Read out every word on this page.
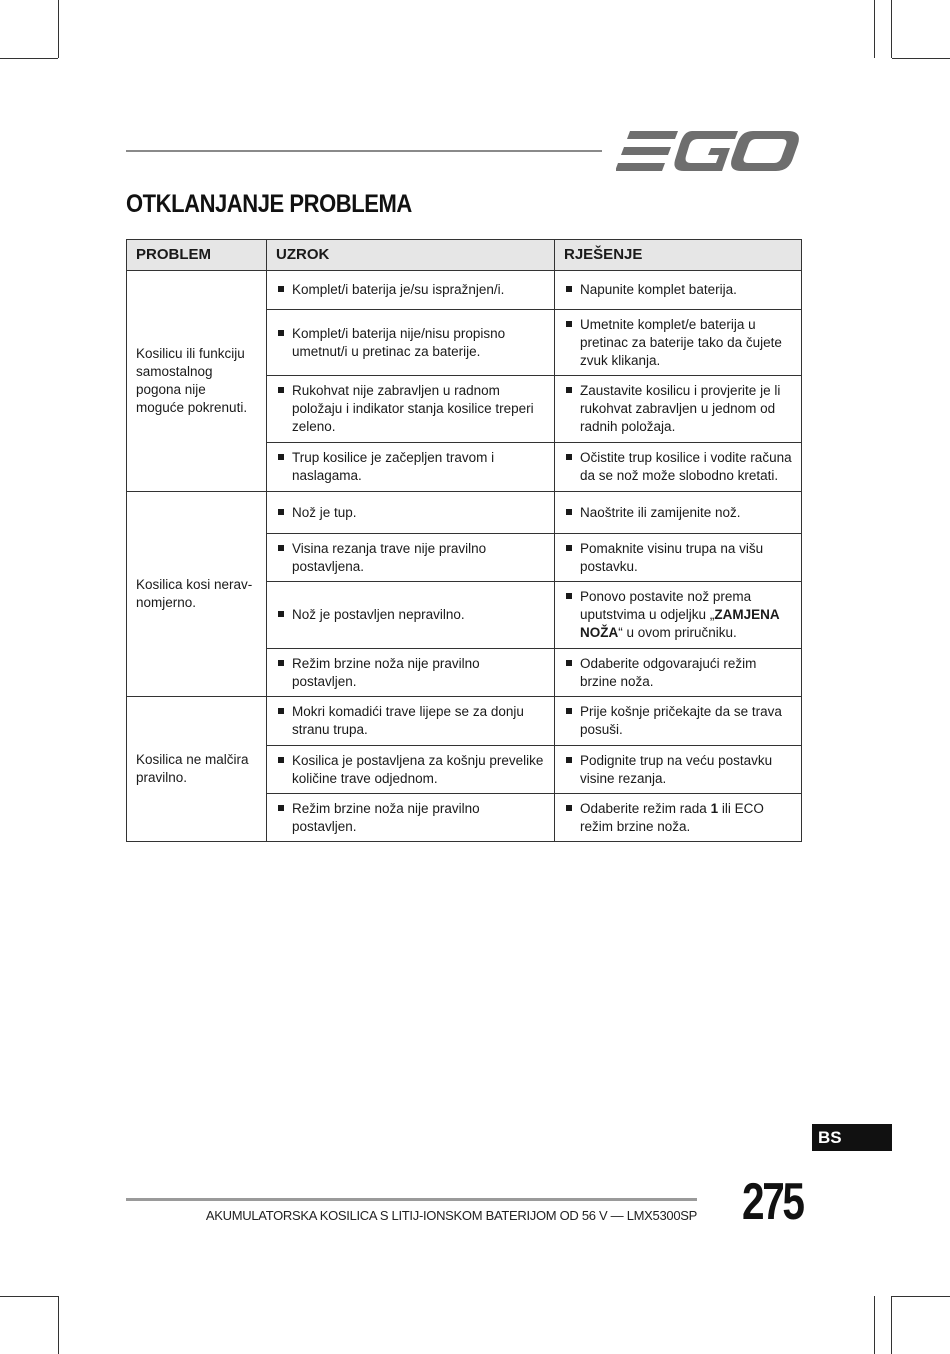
OTKLANJANJE PROBLEMA
PROBLEM	UZROK	RJEŠENJE
Kosilicu ili funkciju samostalnog pogona nije moguće pokrenuti.	Komplet/i baterija je/su ispražnjen/i.	Napunite komplet baterija.

Komplet/i baterija nije/nisu propisno umetnut/i u pretinac za baterije.	Umetnite komplet/e baterija u pretinac za baterije tako da čujete zvuk klikanja.

Rukohvat nije zabravljen u radnom položaju i indikator stanja kosilice treperi zeleno.	Zaustavite kosilicu i provjerite je li rukohvat zabravljen u jednom od radnih položaja.

Trup kosilice je začepljen travom i naslagama.	Očistite trup kosilice i vodite računa da se nož može slobodno kretati.

Kosilica kosi nerav-nomjerno.	Nož je tup.	Naoštrite ili zamijenite nož.

Visina rezanja trave nije pravilno postavljena.	Pomaknite visinu trupa na višu postavku.

Nož je postavljen nepravilno.	Ponovo postavite nož prema uputstvima u odjeljku „ZAMJENA NOŽA“ u ovom priručniku.

Režim brzine noža nije pravilno postavljen.	Odaberite odgovarajući režim brzine noža.

Kosilica ne malčira pravilno.	Mokri komadići trave lijepe se za donju stranu trupa.	Prije košnje pričekajte da se trava posuši.

Kosilica je postavljena za košnju prevelike količine trave odjednom.	Podignite trup na veću postavku visine rezanja.

Režim brzine noža nije pravilno postavljen.	Odaberite režim rada 1 ili ECO režim brzine noža.
BS
AKUMULATORSKA KOSILICA S LITIJ-IONSKOM BATERIJOM OD 56 V — LMX5300SP 275
